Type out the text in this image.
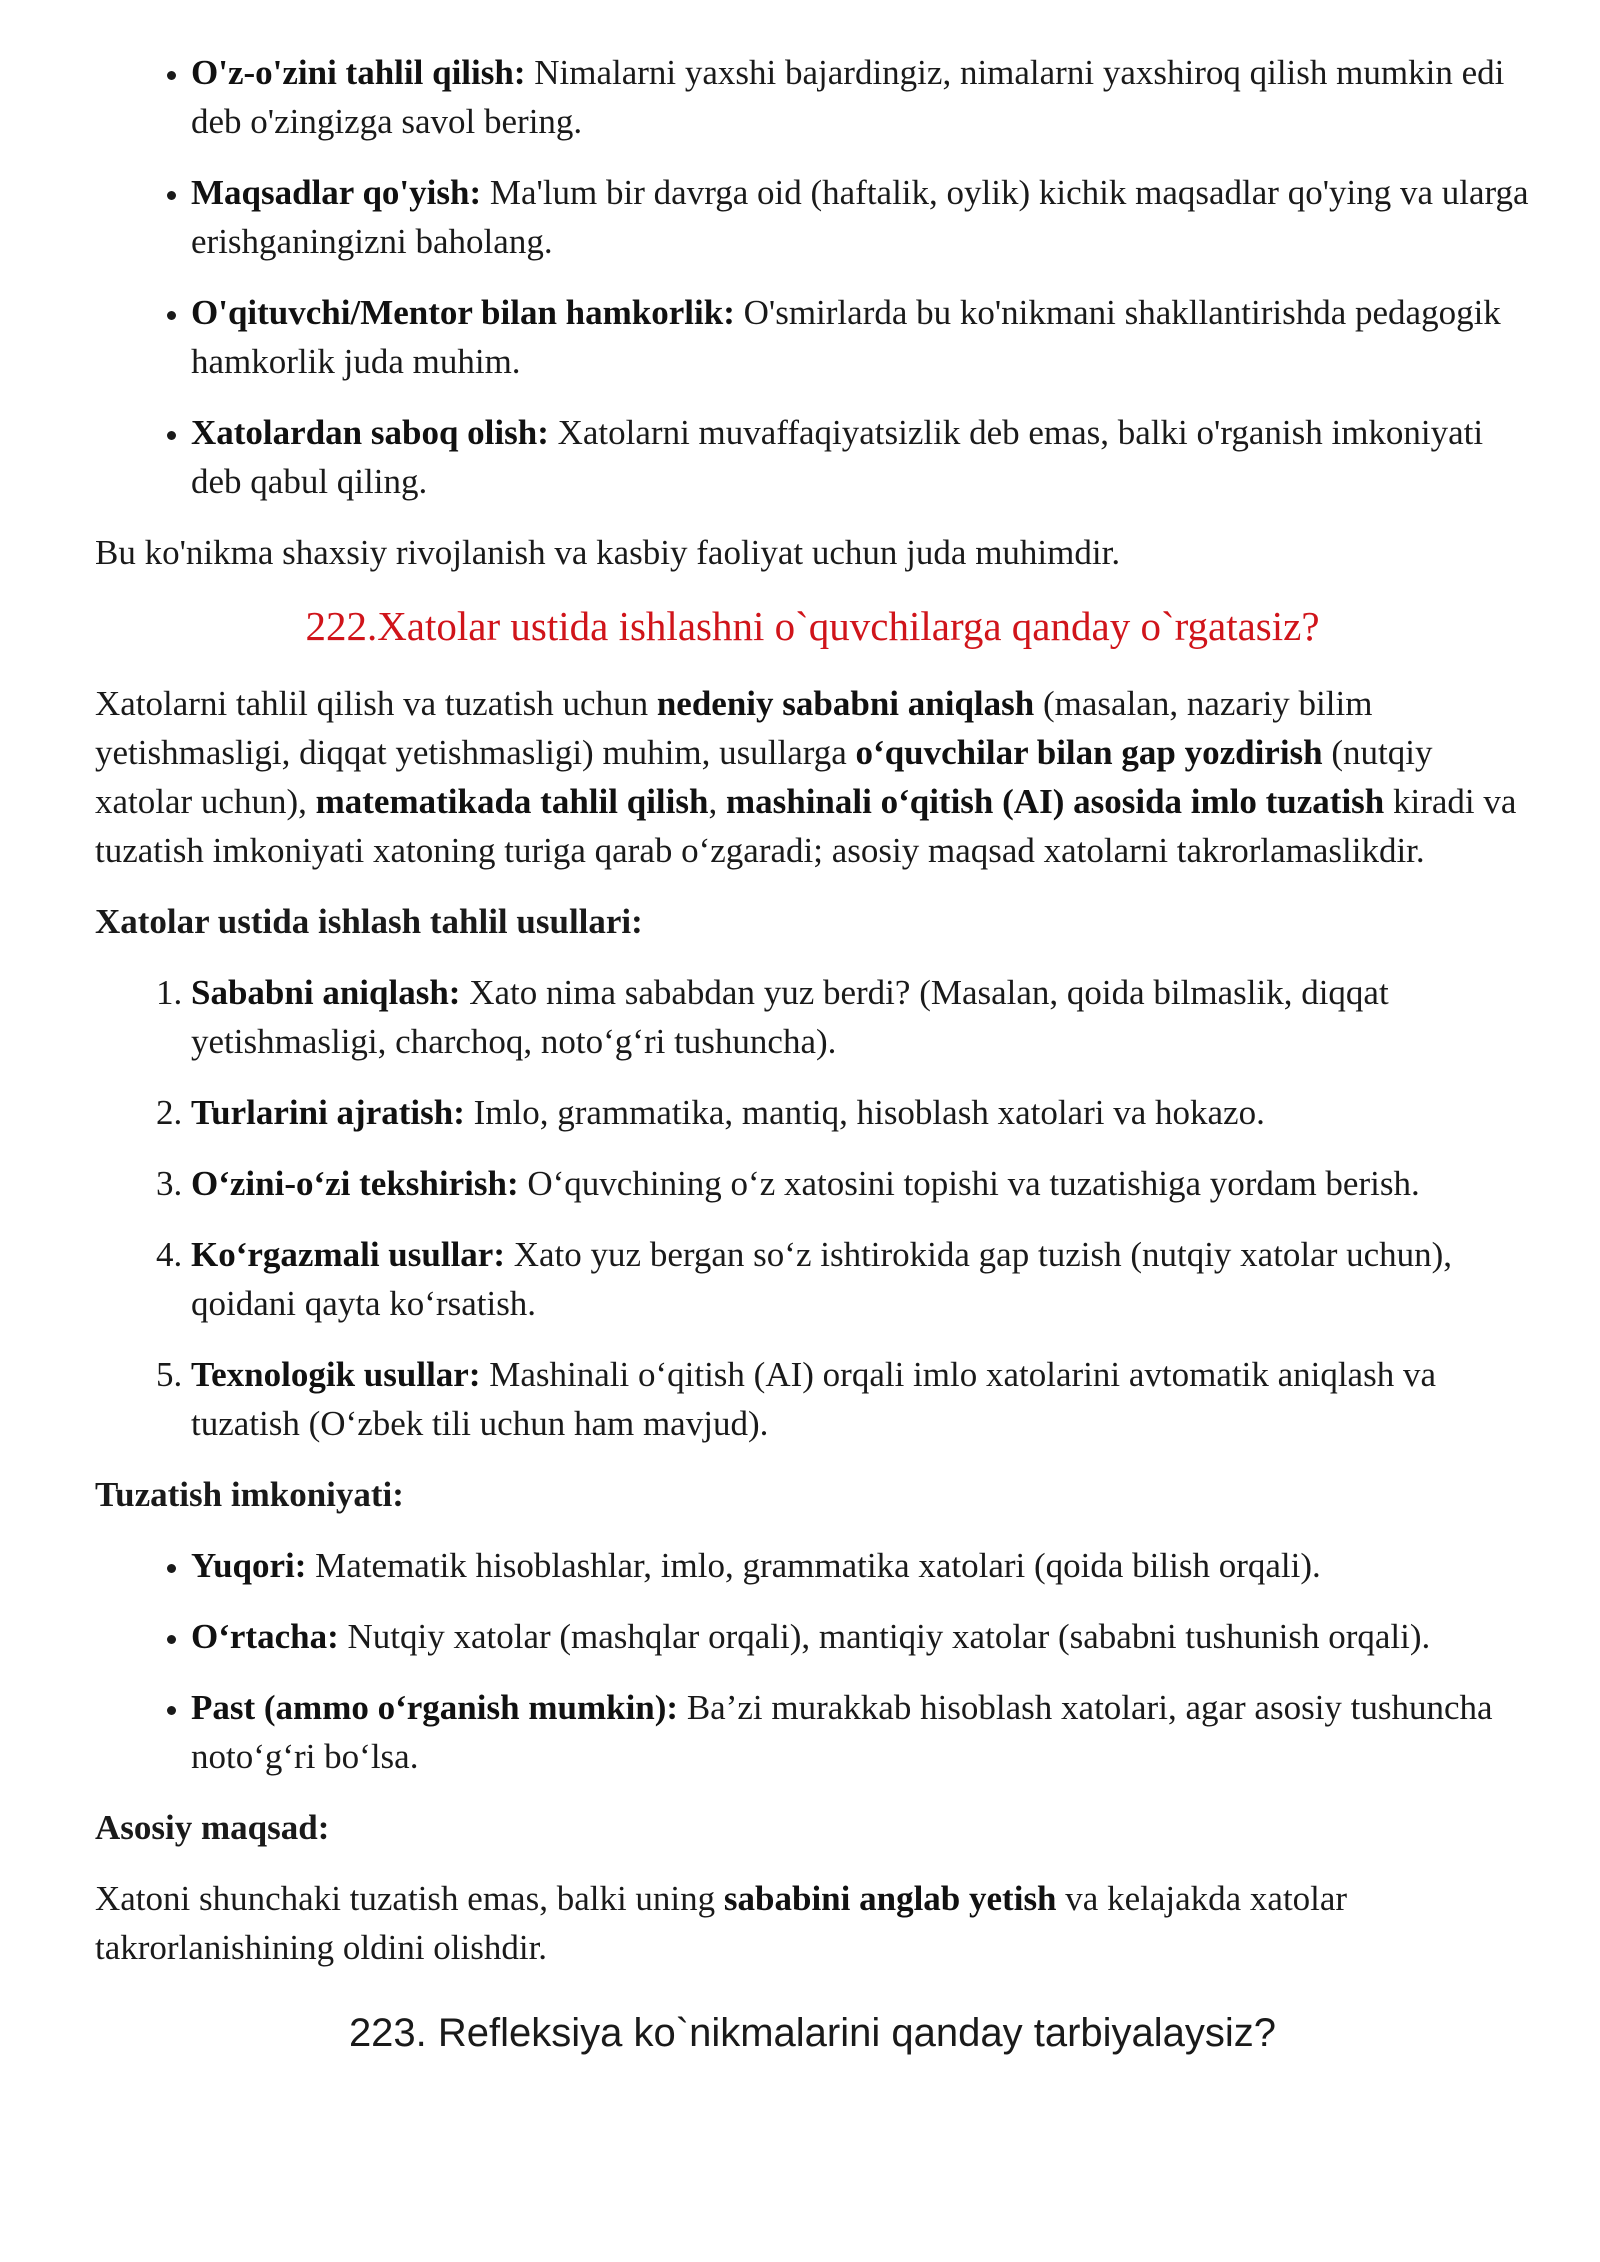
• O'z-o'zini tahlil qilish: Nimalarni yaxshi bajardingiz, nimalarni yaxshiroq qilish mumkin edi deb o'zingizga savol bering.
• Maqsadlar qo'yish: Ma'lum bir davrga oid (haftalik, oylik) kichik maqsadlar qo'ying va ularga erishganingizni baholang.
• O'qituvchi/Mentor bilan hamkorlik: O'smirlarda bu ko'nikmani shakllantirishda pedagogik hamkorlik juda muhim.
• Xatolardan saboq olish: Xatolarni muvaffaqiyatsizlik deb emas, balki o'rganish imkoniyati deb qabul qiling.

Bu ko'nikma shaxsiy rivojlanish va kasbiy faoliyat uchun juda muhimdir.

222.Xatolar ustida ishlashni o`quvchilarga qanday o`rgatasiz?

Xatolarni tahlil qilish va tuzatish uchun nedeniy sababni aniqlash (masalan, nazariy bilim yetishmasligi, diqqat yetishmasligi) muhim, usullarga o‘quvchilar bilan gap yozdirish (nutqiy xatolar uchun), matematikada tahlil qilish, mashinali o‘qitish (AI) asosida imlo tuzatish kiradi va tuzatish imkoniyati xatoning turiga qarab o‘zgaradi; asosiy maqsad xatolarni takrorlamaslikdir.

Xatolar ustida ishlash tahlil usullari:
1. Sababni aniqlash: Xato nima sababdan yuz berdi? (Masalan, qoida bilmaslik, diqqat yetishmasligi, charchoq, noto‘g‘ri tushuncha).
2. Turlarini ajratish: Imlo, grammatika, mantiq, hisoblash xatolari va hokazo.
3. O‘zini-o‘zi tekshirish: O‘quvchining o‘z xatosini topishi va tuzatishiga yordam berish.
4. Ko‘rgazmali usullar: Xato yuz bergan so‘z ishtirokida gap tuzish (nutqiy xatolar uchun), qoidani qayta ko‘rsatish.
5. Texnologik usullar: Mashinali o‘qitish (AI) orqali imlo xatolarini avtomatik aniqlash va tuzatish (O‘zbek tili uchun ham mavjud).
Tuzatish imkoniyati:
• Yuqori: Matematik hisoblashlar, imlo, grammatika xatolari (qoida bilish orqali).
• O‘rtacha: Nutqiy xatolar (mashqlar orqali), mantiqiy xatolar (sababni tushunish orqali).
• Past (ammo o‘rganish mumkin): Ba’zi murakkab hisoblash xatolari, agar asosiy tushuncha noto‘g‘ri bo‘lsa.
Asosiy maqsad:

Xatoni shunchaki tuzatish emas, balki uning sababini anglab yetish va kelajakda xatolar takrorlanishining oldini olishdir.

223. Refleksiya ko`nikmalarini qanday tarbiyalaysiz?
